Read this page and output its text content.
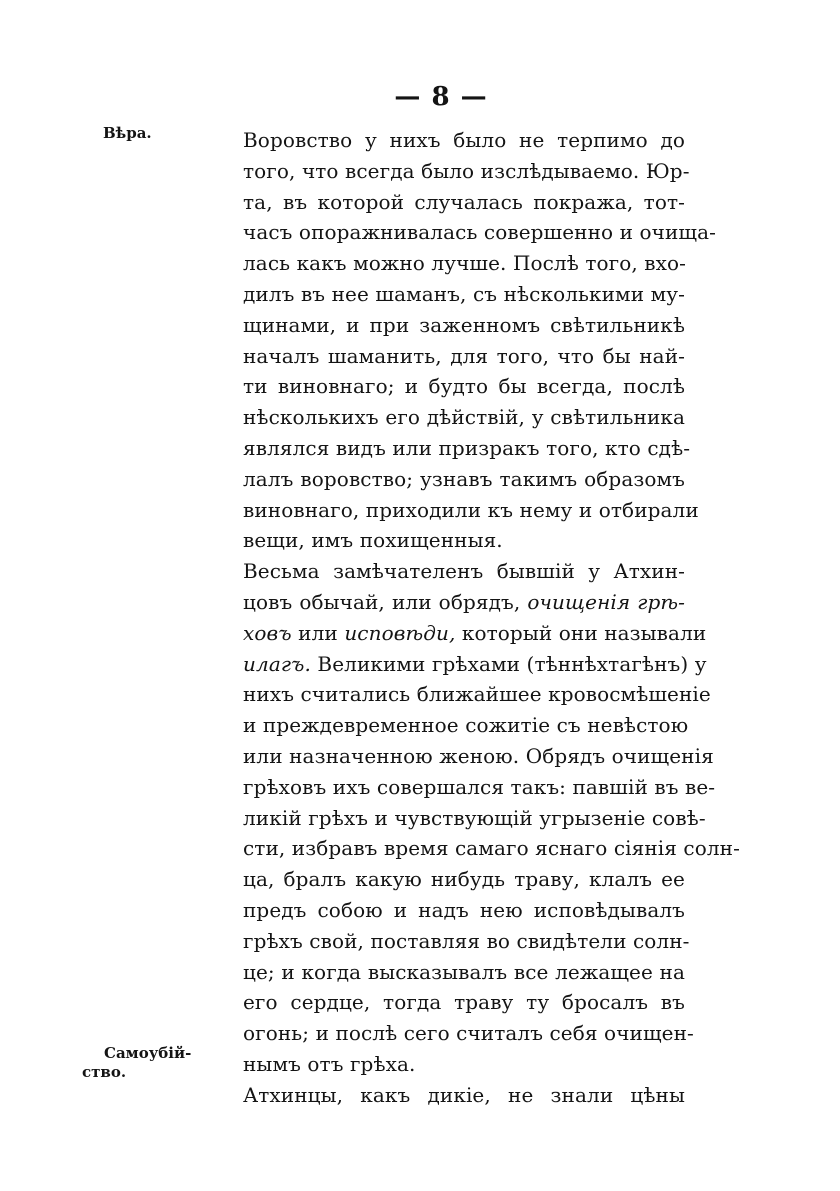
— 8 —
Вѣра.
Самоубій-
ство.
Воровство у нихъ было не терпимо до
того, что всегда было изслѣдываемо. Юр-
та, въ которой случалась покража, тот-
часъ опоражнивалась совершенно и очища-
лась какъ можно лучше. Послѣ того, вхо-
дилъ въ нее шаманъ, съ нѣсколькими му-
щинами, и при заженномъ свѣтильникѣ
началъ шаманить, для того, что бы най-
ти виновнаго; и будто бы всегда, послѣ
нѣсколькихъ его дѣйствій, у свѣтильника
являлся видъ или призракъ того, кто сдѣ-
лалъ воровство; узнавъ такимъ образомъ
виновнаго, приходили къ нему и отбирали
вещи, имъ похищенныя.
Весьма замѣчателенъ бывшій у Атхин-
цовъ обычай, или обрядъ, очищенія грѣ-
ховъ или исповѣди, который они называли
илагъ. Великими грѣхами (тѣннѣхтагѣнъ) у
нихъ считались ближайшее кровосмѣшеніе
и преждевременное сожитіе съ невѣстою
или назначенною женою. Обрядъ очищенія
грѣховъ ихъ совершался такъ: павшій въ ве-
ликій грѣхъ и чувствующій угрызеніе совѣ-
сти, избравъ время самаго яснаго сіянія солн-
ца, бралъ какую нибудь траву, клалъ ее
предъ собою и надъ нею исповѣдывалъ
грѣхъ свой, поставляя во свидѣтели солн-
це; и когда высказывалъ все лежащее на
его сердце, тогда траву ту бросалъ въ
огонь; и послѣ сего считалъ себя очищен-
нымъ отъ грѣха.
Атхинцы, какъ дикіе, не знали цѣны
